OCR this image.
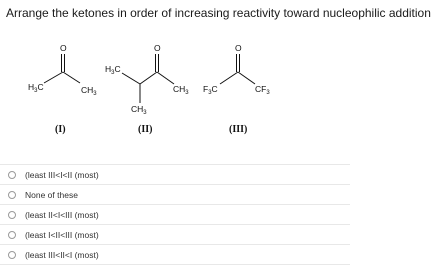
Arrange the ketones in order of increasing reactivity toward nucleophilic addition
O
$H_3C$	$CH_3$
(I)
O
$H_3C$
$CH_3$
$CH_3$
(II)
O
$F_3C$	$CF_3$
(III)
(least III<I<II (most)
None of these
(least II<I<III (most)
(least I<II<III (most)
(least III<II<I (most)
